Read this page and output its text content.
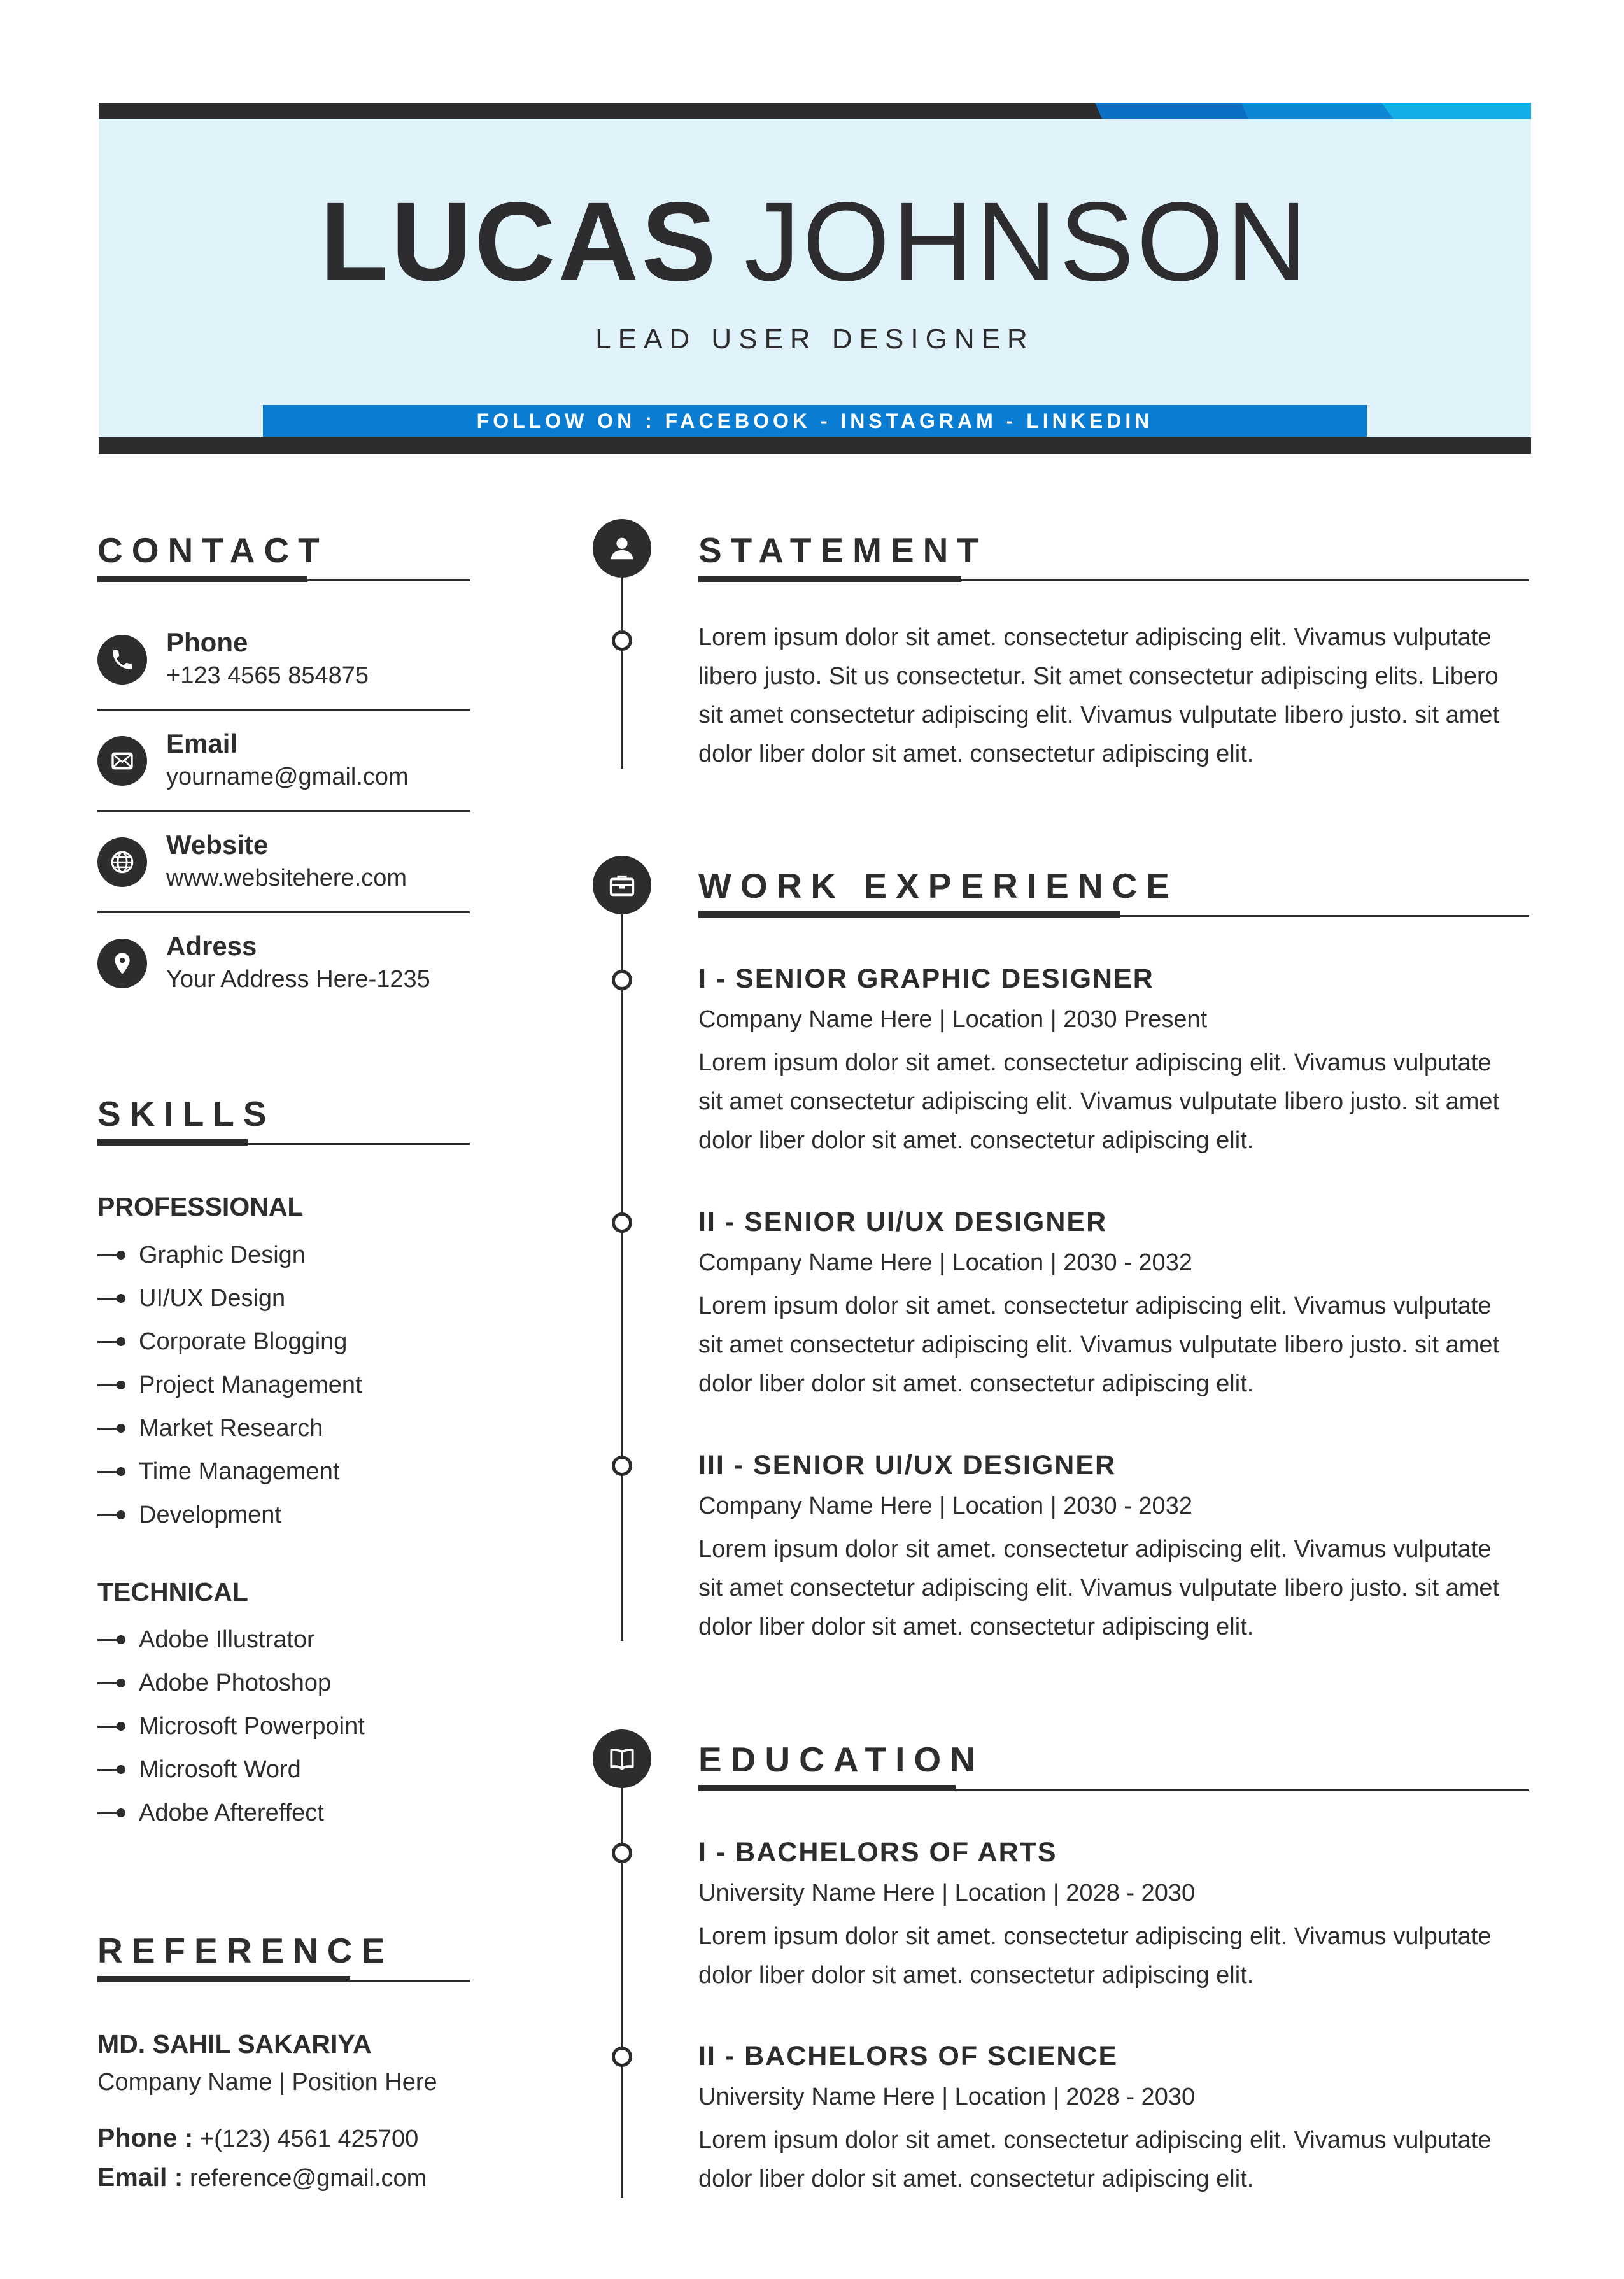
LUCAS JOHNSON
LEAD USER DESIGNER
FOLLOW ON : FACEBOOK - INSTAGRAM - LINKEDIN
CONTACT
Phone
+123 4565 854875
Email
yourname@gmail.com
Website
www.websitehere.com
Adress
Your Address Here-1235
SKILLS
PROFESSIONAL
Graphic Design
UI/UX Design
Corporate Blogging
Project Management
Market Research
Time Management
Development
TECHNICAL
Adobe Illustrator
Adobe Photoshop
Microsoft Powerpoint
Microsoft Word
Adobe Aftereffect
REFERENCE
MD. SAHIL SAKARIYA
Company Name | Position Here
Phone : +(123) 4561 425700
Email : reference@gmail.com
STATEMENT
Lorem ipsum dolor sit amet. consectetur adipiscing elit. Vivamus vulputate
libero justo. Sit us consectetur. Sit amet consectetur adipiscing elits. Libero
sit amet consectetur adipiscing elit. Vivamus vulputate libero justo. sit amet
dolor liber dolor sit amet. consectetur adipiscing elit.
WORK EXPERIENCE
I - SENIOR GRAPHIC DESIGNER
Company Name Here | Location | 2030 Present
Lorem ipsum dolor sit amet. consectetur adipiscing elit. Vivamus vulputate
sit amet consectetur adipiscing elit. Vivamus vulputate libero justo. sit amet
dolor liber dolor sit amet. consectetur adipiscing elit.
II - SENIOR UI/UX DESIGNER
Company Name Here | Location | 2030 - 2032
Lorem ipsum dolor sit amet. consectetur adipiscing elit. Vivamus vulputate
sit amet consectetur adipiscing elit. Vivamus vulputate libero justo. sit amet
dolor liber dolor sit amet. consectetur adipiscing elit.
III - SENIOR UI/UX DESIGNER
Company Name Here | Location | 2030 - 2032
Lorem ipsum dolor sit amet. consectetur adipiscing elit. Vivamus vulputate
sit amet consectetur adipiscing elit. Vivamus vulputate libero justo. sit amet
dolor liber dolor sit amet. consectetur adipiscing elit.
EDUCATION
I - BACHELORS OF ARTS
University Name Here | Location | 2028 - 2030
Lorem ipsum dolor sit amet. consectetur adipiscing elit. Vivamus vulputate
dolor liber dolor sit amet. consectetur adipiscing elit.
II - BACHELORS OF SCIENCE
University Name Here | Location | 2028 - 2030
Lorem ipsum dolor sit amet. consectetur adipiscing elit. Vivamus vulputate
dolor liber dolor sit amet. consectetur adipiscing elit.
